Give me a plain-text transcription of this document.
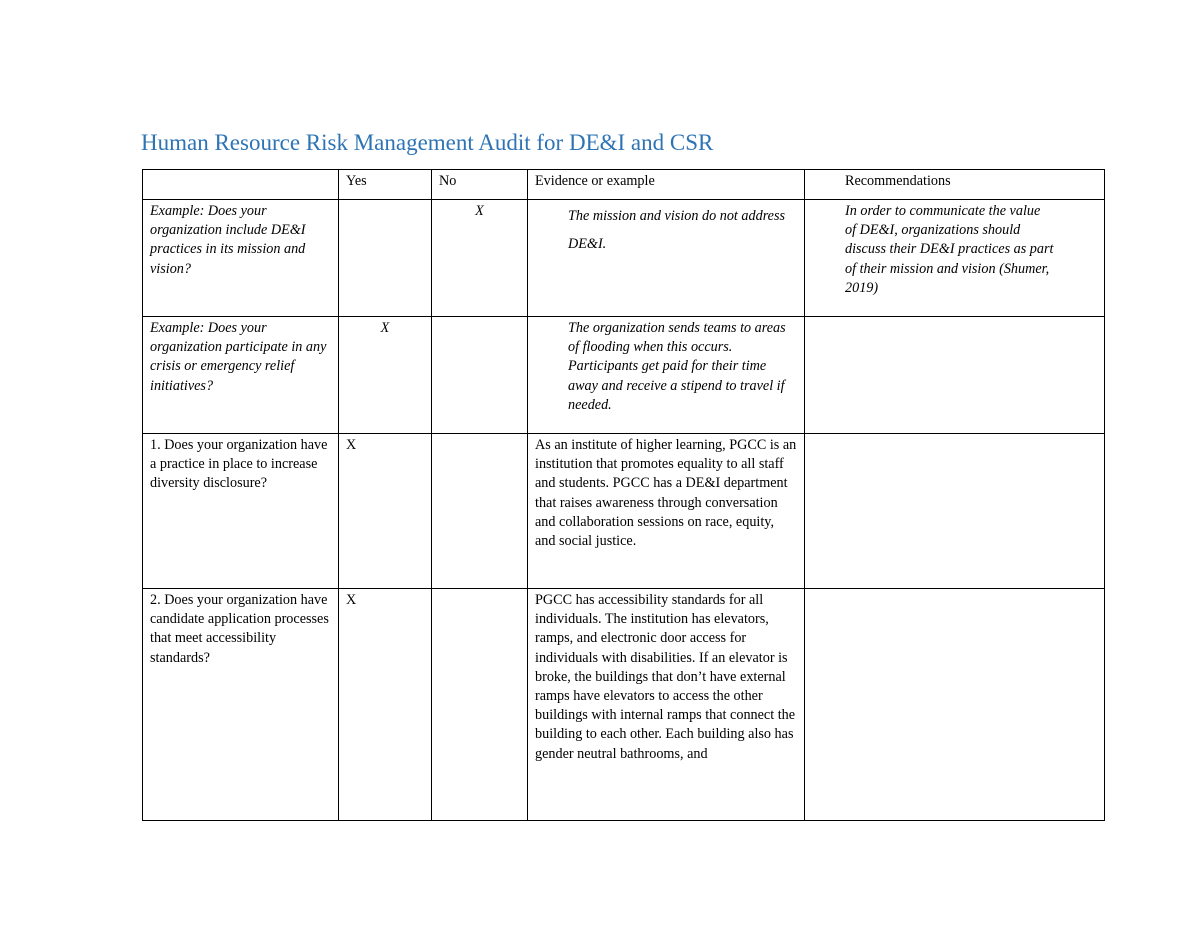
Human Resource Risk Management Audit for DE&I and CSR
	Yes	No	Evidence or example	Recommendations
Example: Does your organization include DE&I practices in its mission and vision?		X	The mission and vision do not address DE&I.	In order to communicate the value of DE&I, organizations should discuss their DE&I practices as part of their mission and vision (Shumer, 2019)
Example: Does your organization participate in any crisis or emergency relief initiatives?	X		The organization sends teams to areas of flooding when this occurs. Participants get paid for their time away and receive a stipend to travel if needed.	
1. Does your organization have a practice in place to increase diversity disclosure?	X		As an institute of higher learning, PGCC is an institution that promotes equality to all staff and students. PGCC has a DE&I department that raises awareness through conversation and collaboration sessions on race, equity, and social justice.	
2. Does your organization have candidate application processes that meet accessibility standards?	X		PGCC has accessibility standards for all individuals. The institution has elevators, ramps, and electronic door access for individuals with disabilities. If an elevator is broke, the buildings that don’t have external ramps have elevators to access the other buildings with internal ramps that connect the building to each other. Each building also has gender neutral bathrooms, and	
